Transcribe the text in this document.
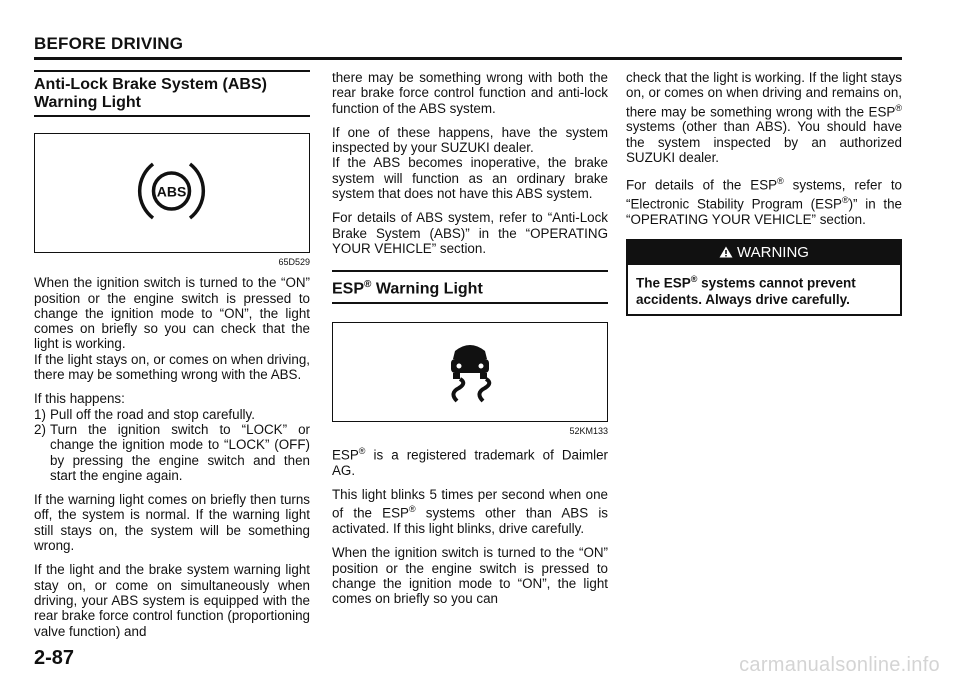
BEFORE DRIVING
Anti-Lock Brake System (ABS)
Warning Light
ABS
65D529

When the ignition switch is turned to the “ON” position or the engine switch is pressed to change the ignition mode to “ON”, the light comes on briefly so you can check that the light is working.

If the light stays on, or comes on when driving, there may be something wrong with the ABS.

If this happens:

1) Pull off the road and stop carefully.
2) Turn the ignition switch to “LOCK” or change the ignition mode to “LOCK” (OFF) by pressing the engine switch and then start the engine again.

If the warning light comes on briefly then turns off, the system is normal. If the warning light still stays on, the system will be something wrong.

If the light and the brake system warning light stay on, or come on simultaneously when driving, your ABS system is equipped with the rear brake force control function (proportioning valve function) and

there may be something wrong with both the rear brake force control function and anti-lock function of the ABS system.

If one of these happens, have the system inspected by your SUZUKI dealer.

If the ABS becomes inoperative, the brake system will function as an ordinary brake system that does not have this ABS system.

For details of ABS system, refer to “Anti-Lock Brake System (ABS)” in the “OPERATING YOUR VEHICLE” section.

ESP® Warning Light
52KM133

ESP® is a registered trademark of Daimler AG.

This light blinks 5 times per second when one of the ESP® systems other than ABS is activated. If this light blinks, drive carefully.

When the ignition switch is turned to the “ON” position or the engine switch is pressed to change the ignition mode to “ON”, the light comes on briefly so you can

check that the light is working. If the light stays on, or comes on when driving and remains on, there may be something wrong with the ESP® systems (other than ABS). You should have the system inspected by an authorized SUZUKI dealer.

For details of the ESP® systems, refer to “Electronic Stability Program (ESP®)” in the “OPERATING YOUR VEHICLE” section.

WARNING
The ESP® systems cannot prevent accidents. Always drive carefully.
2-87	carmanualsonline.info
